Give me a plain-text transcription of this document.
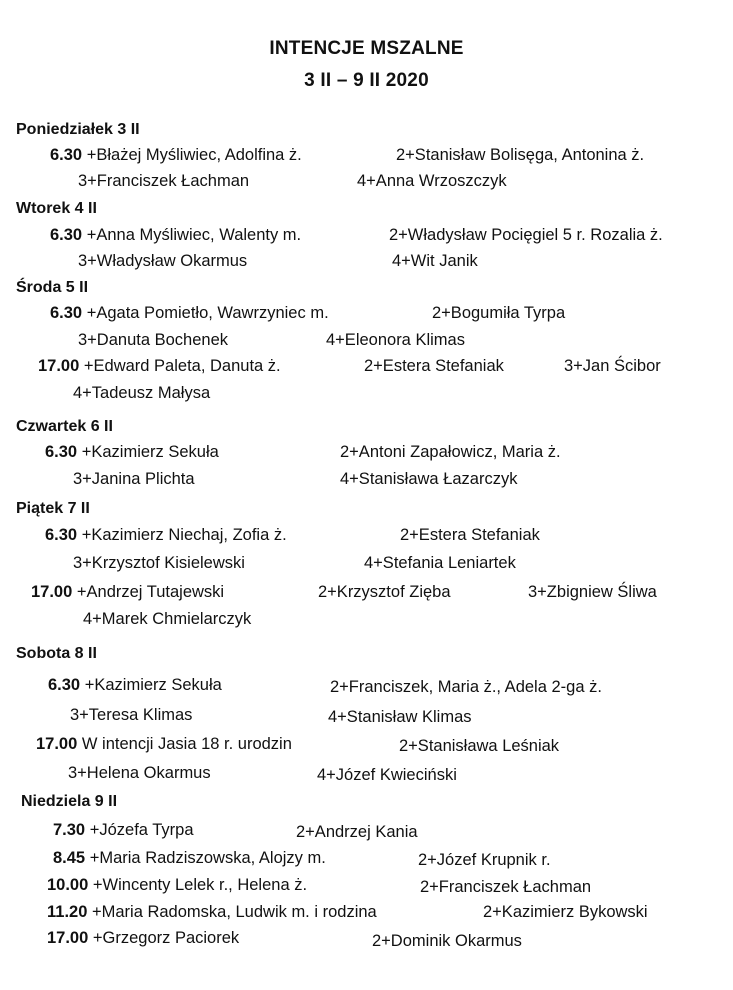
INTENCJE MSZALNE
3 II – 9 II 2020
Poniedziałek 3 II
6.30 +Błażej Myśliwiec, Adolfina ż.	2+Stanisław Bolisęga, Antonina ż.
3+Franciszek Łachman	4+Anna Wrzoszczyk
Wtorek 4 II
6.30 +Anna Myśliwiec, Walenty m.	2+Władysław Pocięgiel 5 r. Rozalia ż.
3+Władysław Okarmus	4+Wit Janik
Środa 5 II
6.30 +Agata Pomietło, Wawrzyniec m.	2+Bogumiła Tyrpa
3+Danuta Bochenek	4+Eleonora Klimas
17.00 +Edward Paleta, Danuta ż.	2+Estera Stefaniak	3+Jan Ścibor
4+Tadeusz Małysa
Czwartek 6 II
6.30 +Kazimierz Sekuła	2+Antoni Zapałowicz, Maria ż.
3+Janina Plichta	4+Stanisława Łazarczyk
Piątek 7 II
6.30 +Kazimierz Niechaj, Zofia ż.	2+Estera Stefaniak
3+Krzysztof Kisielewski	4+Stefania Leniartek
17.00 +Andrzej Tutajewski	2+Krzysztof Zięba	3+Zbigniew Śliwa
4+Marek Chmielarczyk
Sobota 8 II
6.30 +Kazimierz Sekuła	2+Franciszek, Maria ż., Adela 2-ga ż.
3+Teresa Klimas	4+Stanisław Klimas
17.00 W intencji Jasia 18 r. urodzin	2+Stanisława Leśniak
3+Helena Okarmus	4+Józef Kwieciński
Niedziela 9 II
7.30 +Józefa Tyrpa	2+Andrzej Kania
8.45 +Maria Radziszowska, Alojzy m.	2+Józef Krupnik r.
10.00 +Wincenty Lelek r., Helena ż.	2+Franciszek Łachman
11.20 +Maria Radomska, Ludwik m. i rodzina	2+Kazimierz Bykowski
17.00 +Grzegorz Paciorek	2+Dominik Okarmus
